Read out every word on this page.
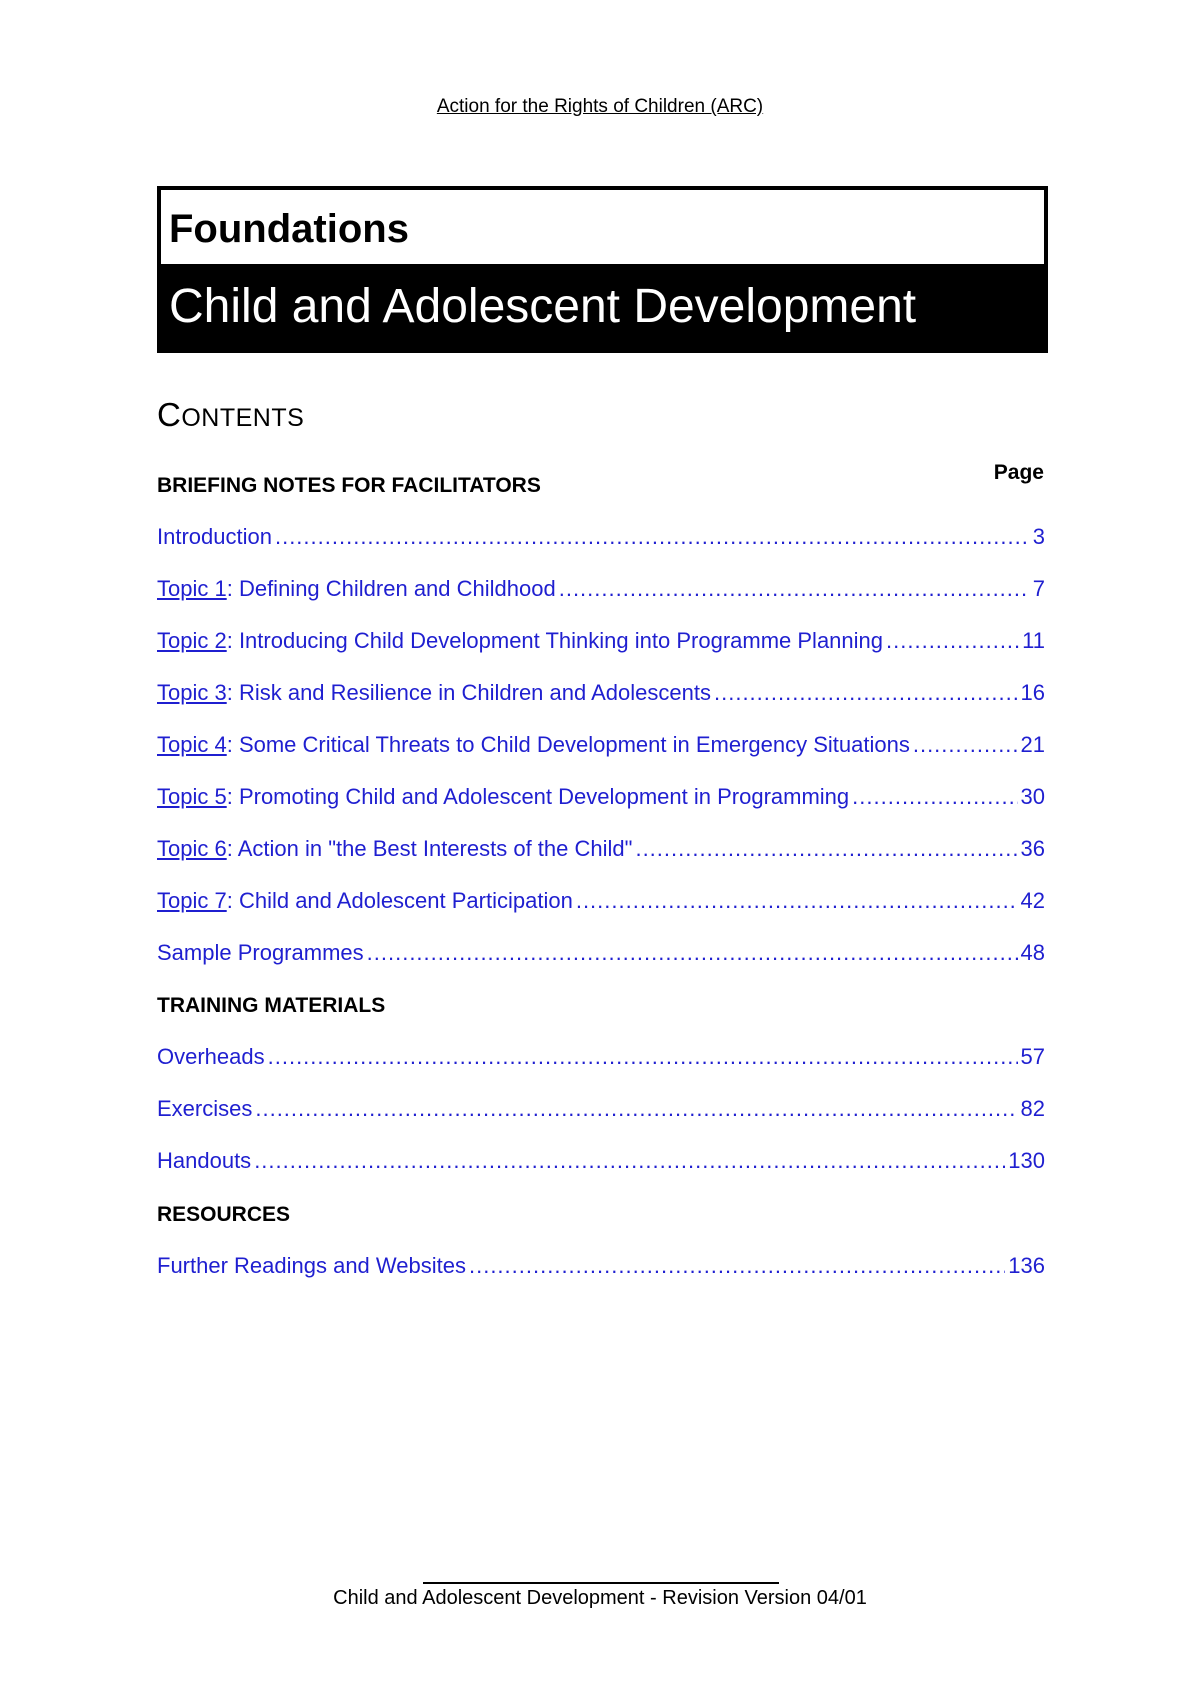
Action for the Rights of Children (ARC)
Foundations
Child and Adolescent Development
CONTENTS
Page
BRIEFING NOTES FOR FACILITATORS
Introduction .....	3
Topic 1: Defining Children and Childhood .....	7
Topic 2: Introducing Child Development Thinking into Programme Planning .....	11
Topic 3: Risk and Resilience in Children and Adolescents .....	16
Topic 4: Some Critical Threats to Child Development in Emergency Situations .....	21
Topic 5: Promoting Child and Adolescent Development in Programming .....	30
Topic 6: Action in "the Best Interests of the Child" .....	36
Topic 7: Child and Adolescent Participation .....	42
Sample Programmes .....	48
TRAINING MATERIALS
Overheads .....	57
Exercises .....	82
Handouts .....	130
RESOURCES
Further Readings and Websites .....	136
Child and Adolescent Development - Revision Version 04/01
